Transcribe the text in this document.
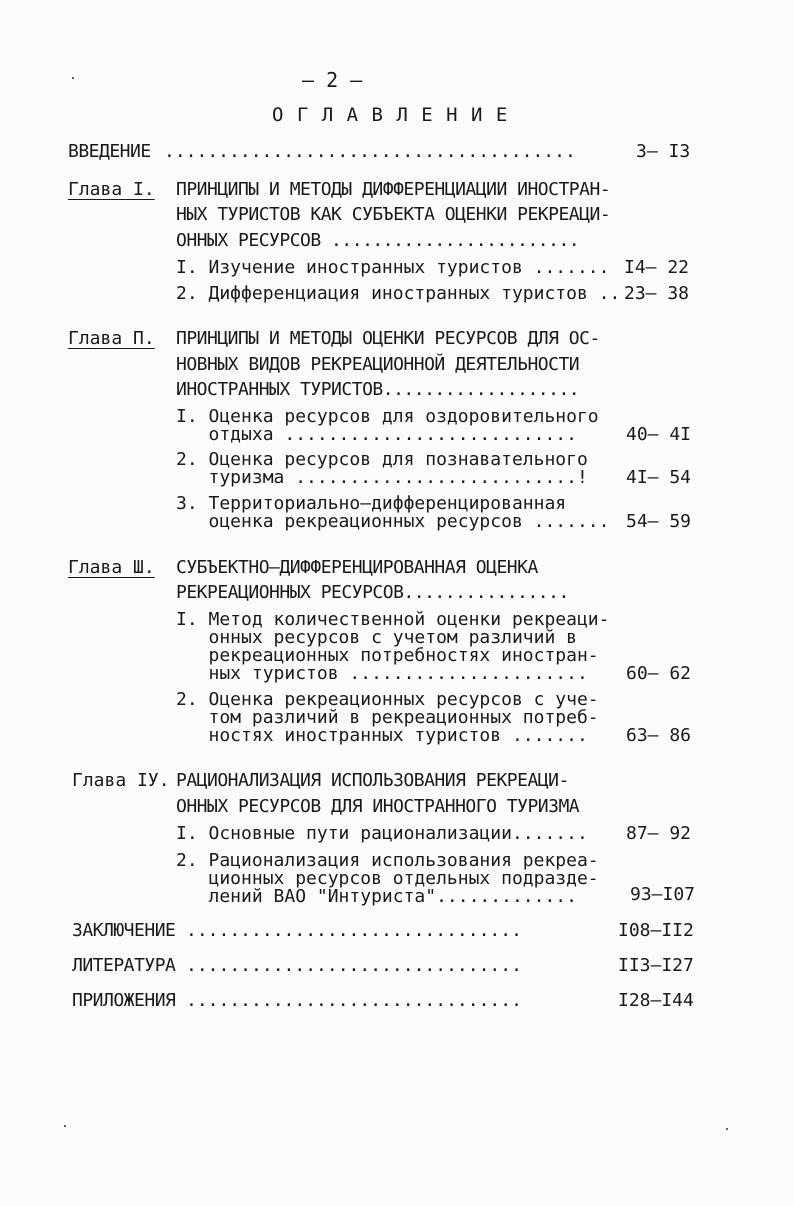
– 2 –
О Г Л А В Л Е Н И Е
ВВЕДЕНИЕ ......................................	3– I3
Глава I. ПРИНЦИПЫ И МЕТОДЫ ДИФФЕРЕНЦИАЦИИ ИНОСТРАН-
НЫХ ТУРИСТОВ КАК СУБЪЕКТА ОЦЕНКИ РЕКРЕАЦИ-
ОННЫХ РЕСУРСОВ ........................
I. Изучение иностранных туристов ....... I4– 22
2. Дифференциация иностранных туристов .. 23– 38
Глава П. ПРИНЦИПЫ И МЕТОДЫ ОЦЕНКИ РЕСУРСОВ ДЛЯ ОС-
НОВНЫХ ВИДОВ РЕКРЕАЦИОННОЙ ДЕЯТЕЛЬНОСТИ
ИНОСТРАННЫХ ТУРИСТОВ...................
I. Оценка ресурсов для оздоровительного
отдыха ...........................	40– 4I
2. Оценка ресурсов для познавательного
туризма ..........................! 4I– 54
3. Территориально–дифференцированная
оценка рекреационных ресурсов ....... 54– 59
Глава Ш. СУБЪЕКТНО–ДИФФЕРЕНЦИРОВАННАЯ ОЦЕНКА
РЕКРЕАЦИОННЫХ РЕСУРСОВ................
I. Метод количественной оценки рекреаци-
онных ресурсов с учетом различий в
рекреационных потребностях иностран-
ных туристов ...................... 60– 62
2. Оценка рекреационных ресурсов с уче-
том различий в рекреационных потреб-
ностях иностранных туристов ....... 63– 86
Глава IУ. РАЦИОНАЛИЗАЦИЯ ИСПОЛЬЗОВАНИЯ РЕКРЕАЦИ-
ОННЫХ РЕСУРСОВ ДЛЯ ИНОСТРАННОГО ТУРИЗМА
I. Основные пути рационализации....... 87– 92
2. Рационализация использования рекреа-
ционных ресурсов отдельных подразде-
лений ВАО "Интуриста".............	93–I07
ЗАКЛЮЧЕНИЕ ...............................	I08–II2
ЛИТЕРАТУРА ...............................	II3–I27
ПРИЛОЖЕНИЯ ...............................	I28–I44
